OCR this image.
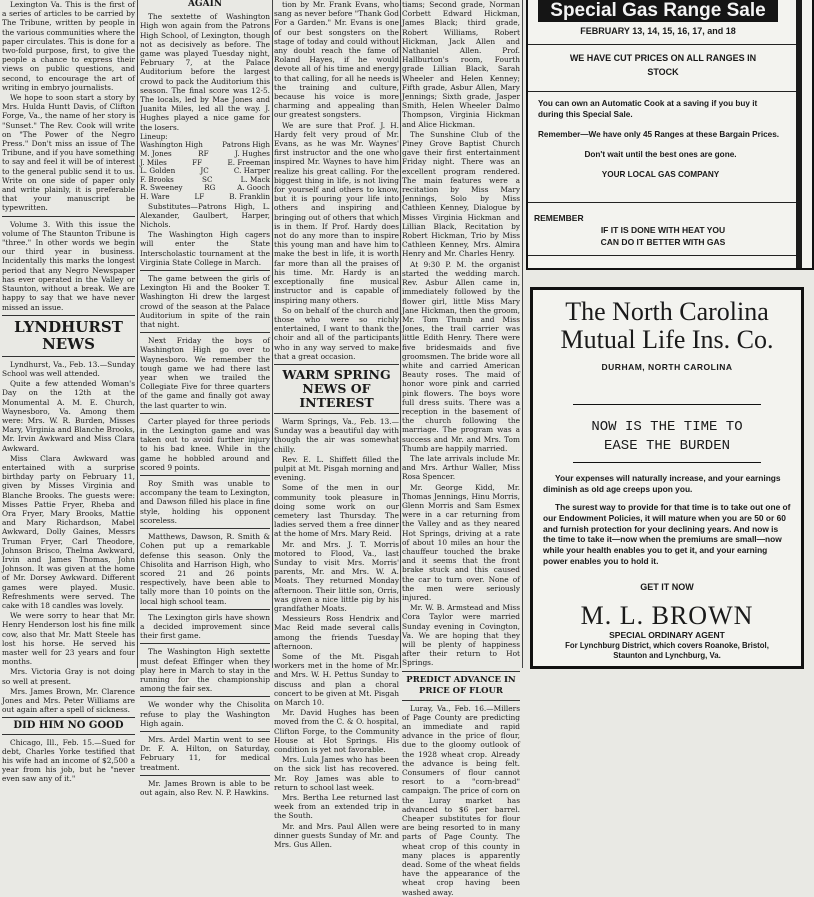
Lexington Va. This is the first of a series of articles to be carried by The Tribune, written by people in the various communities where the paper circulates. This is done for a two-fold purpose, first, to give the people a chance to express their views on public questions, and second, to encourage the art of writing in embryo journalists.

We hope to soon start a story by Mrs. Hulda Huntt Davis, of Clifton Forge, Va., the name of her story is "Sunset." The Rev. Cook will write on "The Power of the Negro Press." Don't miss an issue of The Tribune, and if you have something to say and feel it will be of interest to the general public send it to us. Write on one side of paper only and write plainly, it is preferable that your manuscript be typewritten.

Volume 3. With this issue the volume of The Staunton Tribune is "three." In other words we begin our third year in business. Incidentally this marks the longest period that any Negro Newspaper has ever operated in the Valley or Staunton, without a break. We are happy to say that we have never missed an issue.

LYNDHURST NEWS

Lyndhurst, Va., Feb. 13.—Sunday School was well attended.

Quite a few attended Woman's Day on the 12th at the Monumental A. M. E. Church, Waynesboro, Va. Among them were: Mrs. W. R. Burden, Misses Mary, Virginia and Blanche Brooks, Mr. Irvin Awkward and Miss Clara Awkward.

Miss Clara Awkward was entertained with a surprise birthday party on February 11, given by Misses Virginia and Blanche Brooks. The guests were: Misses Pattie Fryer, Rheba and Ora Fryer, Mary Brooks, Mattie and Mary Richardson, Mabel Awkward, Dolly Gaines, Messrs Truman Fryer, Carl Theodore, Johnson Brisco, Thelma Awkward, Irvin and James Thomas, John Johnson. It was given at the home of Mr. Dorsey Awkward. Different games were played. Music. Refreshments were served. The cake with 18 candles was lovely.

We were sorry to hear that Mr. Henry Henderson lost his fine milk cow, also that Mr. Matt Steele has lost his horse. He served his master well for 23 years and four months.

Mrs. Victoria Gray is not doing so well at present.

Mrs. James Brown, Mr. Clarence Jones and Mrs. Peter Williams are out again after a spell of sickness.

DID HIM NO GOOD

Chicago, Ill., Feb. 15.—Sued for debt, Charles Yorke testified that his wife had an income of $2,500 a year from his job, but he "never even saw any of it."

AGAIN

The sextette of Washington High won again from the Patrons High School, of Lexington, though not as decisively as before. The game was played Tuesday night, February 7, at the Palace Auditorium before the largest crowd to pack the Auditorium this season. The final score was 12-5. The locals, led by Mae Jones and Juanita Miles, led all the way. J. Hughes played a nice game for the losers.

Lineup:
Washington High	Patrons High
M. Jones	RF	J. Hughes
J. Miles	FF	E. Freeman
L. Golden	JC	C. Harper
F. Brooks	SC	L. Mack
R. Sweeney	RG	A. Gooch
H. Ware	LF	B. Franklin

Substitutes—Patrons High, L. Alexander, Gaulbert, Harper, Nichols.

The Washington High cagers will enter the State Interscholastic tournament at the Virginia State College in March.

The game between the girls of Lexington Hi and the Booker T. Washington Hi drew the largest crowd of the season at the Palace Auditorium in spite of the rain that night.

Next Friday the boys of Washington High go over to Waynesboro. We remember the tough game we had there last year when we trailed the Collegiate Five for three quarters of the game and finally got away the last quarter to win.

Carter played for three periods in the Lexington game and was taken out to avoid further injury to his bad knee. While in the game he hobbled around and scored 9 points.

Roy Smith was unable to accompany the team to Lexington, and Dawson filled his place in fine style, holding his opponent scoreless.

Matthews, Dawson, R. Smith & Cohen put up a remarkable defense this season. Only the Chisolita and Harrison High, who scored 21 and 26 points respectively, have been able to tally more than 10 points on the local high school team.

The Lexington girls have shown a decided improvement since their first game.

The Washington High sextette must defeat Effinger when they play here in March to stay in the running for the championship among the fair sex.

We wonder why the Chisolita refuse to play the Washington High again.

Mrs. Ardel Martin went to see Dr. F. A. Hilton, on Saturday, February 11, for medical treatment.

Mr. James Brown is able to be out again, also Rev. N. P. Hawkins.

tion by Mr. Frank Evans, who sang as never before "Thank God For a Garden." Mr. Evans is one of our best songsters on the stage of today and could without any doubt reach the fame of Roland Hayes, if he would devote all of his time and energy to that calling, for all he needs is the training and culture, because his voice is more charming and appealing than our greatest songsters.

We are sure that Prof. J. H. Hardy felt very proud of Mr. Evans, as he was Mr. Waynes' first instructor and the one who inspired Mr. Waynes to have him realize his great calling. For the biggest thing in life, is not living for yourself and others to know, but it is pouring your life into others and inspiring and bringing out of others that which is in them. If Prof. Hardy does not do any more than to inspire this young man and have him to make the best in life, it is worth far more than all the praises of his time. Mr. Hardy is an exceptionally fine musical instructor and is capable of inspiring many others.

So on behalf of the church and those who were so richly entertained, I want to thank the choir and all of the participants who in any way served to make that a great occasion.

WARM SPRING NEWS OF INTEREST

Warm Springs, Va., Feb. 13.—Sunday was a beautiful day with though the air was somewhat chilly.

Rev. E. L. Shiffett filled the pulpit at Mt. Pisgah morning and evening.

Some of the men in our community took pleasure in doing some work on our cemetery last Thursday. The ladies served them a free dinner at the home of Mrs. Mary Reid.

Mr. and Mrs. J. T. Morris motored to Flood, Va., last Sunday to visit Mrs. Morris' parents, Mr. and Mrs. W. A. Moats. They returned Monday afternoon. Their little son, Orris, was given a nice little pig by his grandfather Moats.

Messieurs Ross Hendrix and Mac Reid made several calls among the friends Tuesday afternoon.

Some of the Mt. Pisgah workers met in the home of Mr. and Mrs. W. H. Pettus Sunday to discuss and plan a choral concert to be given at Mt. Pisgah on March 10.

Mr. David Hughes has been moved from the C. & O. hospital, Clifton Forge, to the Community House at Hot Springs. His condition is yet not favorable.

Mrs. Lula James who has been on the sick list has recovered. Mr. Roy James was able to return to school last week.

Mrs. Bertha Lee returned last week from an extended trip in the South.

Mr. and Mrs. Paul Allen were dinner guests Sunday of Mr. and Mrs. Gus Allen.

tiams; Second grade, Norman Corbett Edward Hickman, James Black; third grade, Robert Williams, Robert Hickman, Jack Allen and Nathaniel Allen. Prof. Hallburton's room, Fourth grade Lillian Black, Sarah Wheeler and Helen Kenney; Fifth grade, Asbur Allen, Mary Jennings; Sixth grade, Jasper Smith, Helen Wheeler Dalmo Thompson, Virginia Hickman and Alice Hickman.

The Sunshine Club of the Piney Grove Baptist Church gave their first entertainment Friday night. There was an excellent program rendered. The main features were a recitation by Miss Mary Jennings, Solo by Miss Cathleen Kenney, Dialogue by Misses Virginia Hickman and Lillian Black, Recitation by Robert Hickman, Trio by Miss Cathleen Kenney, Mrs. Almira Henry and Mr. Charles Henry.

At 9:30 P. M. the organist started the wedding march. Rev. Asbur Allen came in, immediately followed by the flower girl, little Miss Mary Jane Hickman, then the groom, Mr. Tom Thumb and Miss Jones, the trail carrier was little Edith Henry. There were five bridesmaids and five groomsmen. The bride wore all white and carried American Beauty roses. The maid of honor wore pink and carried pink flowers. The boys wore full dress suits. There was a reception in the basement of the church following the marriage. The program was a success and Mr. and Mrs. Tom Thumb are happily married.

The late arrivals include Mr. and Mrs. Arthur Waller, Miss Rosa Spencer.

Mr. George Kidd, Mr. Thomas Jennings, Hinu Morris, Glenn Morris and Sam Esmex were in a car returning from the Valley and as they neared Hot Springs, driving at a rate of about 10 miles an hour the chauffeur touched the brake and it seems that the front brake stuck and this caused the car to turn over. None of the men were seriously injured.

Mr. W. B. Armstead and Miss Cora Taylor were married Sunday evening in Covington, Va. We are hoping that they will be plenty of happiness after their return to Hot Springs.

PREDICT ADVANCE IN PRICE OF FLOUR

Luray, Va., Feb. 16.—Millers of Page County are predicting an immediate and rapid advance in the price of flour, due to the gloomy outlook of the 1928 wheat crop. Already the advance is being felt. Consumers of flour cannot resort to a "corn-bread" campaign. The price of corn on the Luray market has advanced to $6 per barrel. Cheaper substitutes for flour are being resorted to in many parts of Page County. The wheat crop of this county in many places is apparently dead. Some of the wheat fields have the appearance of the wheat crop having been washed away.

Special Gas Range Sale
FEBRUARY 13, 14, 15, 16, 17, and 18
WE HAVE CUT PRICES ON ALL RANGES IN
STOCK

You can own an Automatic Cook at a saving if you buy it during this Special Sale.

Remember—We have only 45 Ranges at these Bargain Prices.

Don't wait until the best ones are gone.

YOUR LOCAL GAS COMPANY

REMEMBER
IF IT IS DONE WITH HEAT YOU
CAN DO IT BETTER WITH GAS
The North Carolina
Mutual Life Ins. Co.
DURHAM, NORTH CAROLINA
NOW IS THE TIME TO
EASE THE BURDEN
Your expenses will naturally increase, and your earnings diminish as old age creeps upon you.
The surest way to provide for that time is to take out one of our Endowment Policies, it will mature when you are 50 or 60 and furnish protection for your declining years. And now is the time to take it—now when the premiums are small—now while your health enables you to get it, and your earning power enables you to hold it.
GET IT NOW
M. L. BROWN
SPECIAL ORDINARY AGENT
For Lynchburg District, which covers Roanoke, Bristol,
Staunton and Lynchburg, Va.
